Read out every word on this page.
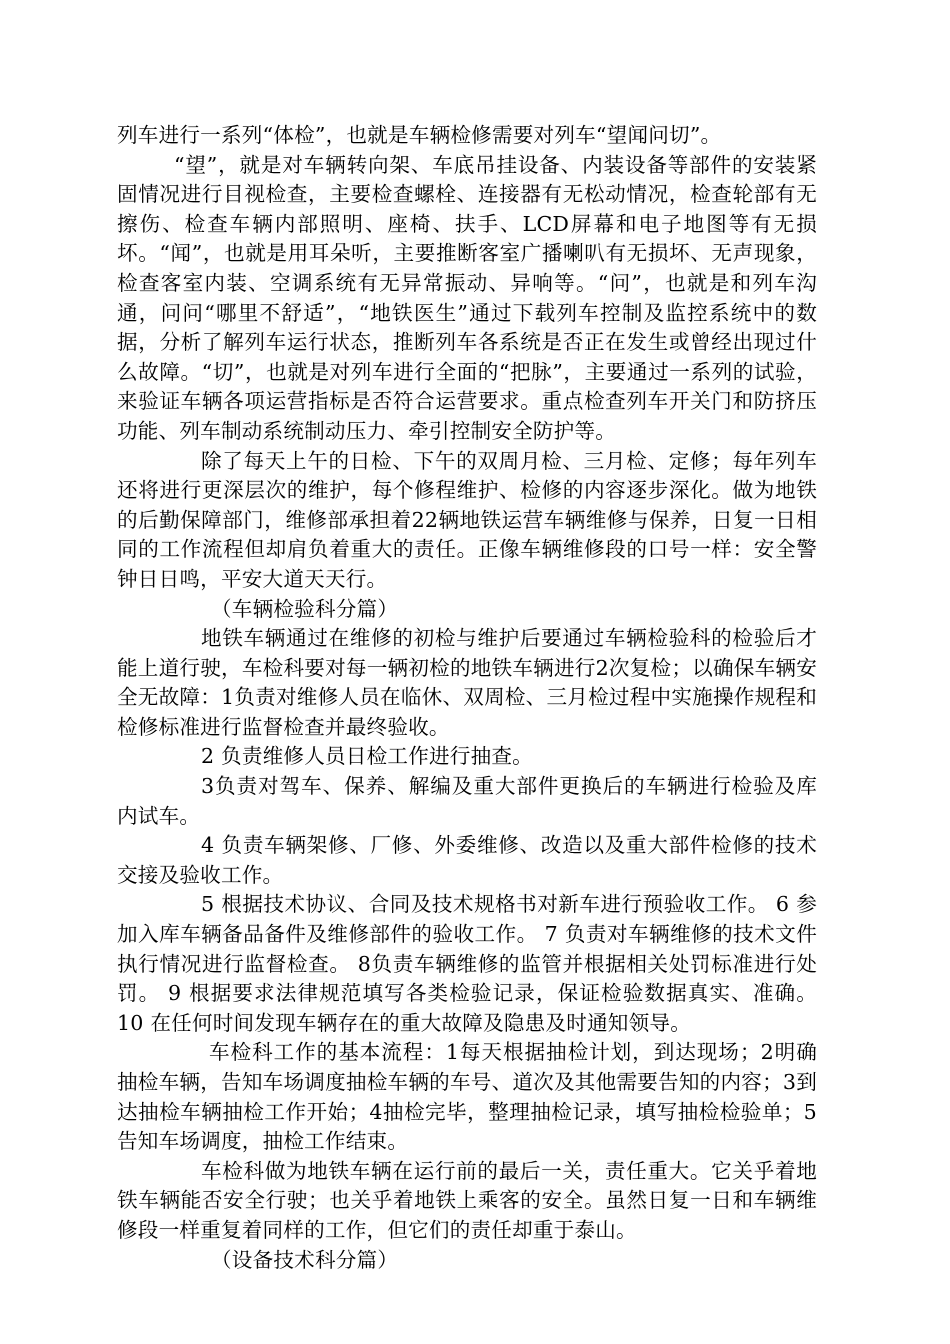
列车进行一系列“体检”，也就是车辆检修需要对列车“望闻问切”。

“望”，就是对车辆转向架、车底吊挂设备、内装设备等部件的安装紧固情况进行目视检查，主要检查螺栓、连接器有无松动情况，检查轮部有无擦伤、检查车辆内部照明、座椅、扶手、LCD屏幕和电子地图等有无损坏。“闻”，也就是用耳朵听，主要推断客室广播喇叭有无损坏、无声现象，检查客室内装、空调系统有无异常振动、异响等。“问”，也就是和列车沟通，问问“哪里不舒适”，“地铁医生”通过下载列车控制及监控系统中的数据，分析了解列车运行状态，推断列车各系统是否正在发生或曾经出现过什么故障。“切”，也就是对列车进行全面的“把脉”，主要通过一系列的试验，来验证车辆各项运营指标是否符合运营要求。重点检查列车开关门和防挤压功能、列车制动系统制动压力、牵引控制安全防护等。

除了每天上午的日检、下午的双周月检、三月检、定修；每年列车还将进行更深层次的维护，每个修程维护、检修的内容逐步深化。做为地铁的后勤保障部门，维修部承担着22辆地铁运营车辆维修与保养，日复一日相同的工作流程但却肩负着重大的责任。正像车辆维修段的口号一样：安全警钟日日鸣，平安大道天天行。

（车辆检验科分篇）

地铁车辆通过在维修的初检与维护后要通过车辆检验科的检验后才能上道行驶，车检科要对每一辆初检的地铁车辆进行2次复检；以确保车辆安全无故障：1负责对维修人员在临休、双周检、三月检过程中实施操作规程和检修标准进行监督检查并最终验收。

2 负责维修人员日检工作进行抽查。

3负责对驾车、保养、解编及重大部件更换后的车辆进行检验及库内试车。

4 负责车辆架修、厂修、外委维修、改造以及重大部件检修的技术交接及验收工作。

5 根据技术协议、合同及技术规格书对新车进行预验收工作。 6 参加入库车辆备品备件及维修部件的验收工作。 7 负责对车辆维修的技术文件执行情况进行监督检查。 8负责车辆维修的监管并根据相关处罚标准进行处罚。 9 根据要求法律规范填写各类检验记录，保证检验数据真实、准确。 10 在任何时间发现车辆存在的重大故障及隐患及时通知领导。

车检科工作的基本流程：1每天根据抽检计划，到达现场；2明确抽检车辆，告知车场调度抽检车辆的车号、道次及其他需要告知的内容；3到达抽检车辆抽检工作开始；4抽检完毕，整理抽检记录，填写抽检检验单；5告知车场调度，抽检工作结束。

车检科做为地铁车辆在运行前的最后一关，责任重大。它关乎着地铁车辆能否安全行驶；也关乎着地铁上乘客的安全。虽然日复一日和车辆维修段一样重复着同样的工作，但它们的责任却重于泰山。

（设备技术科分篇）
